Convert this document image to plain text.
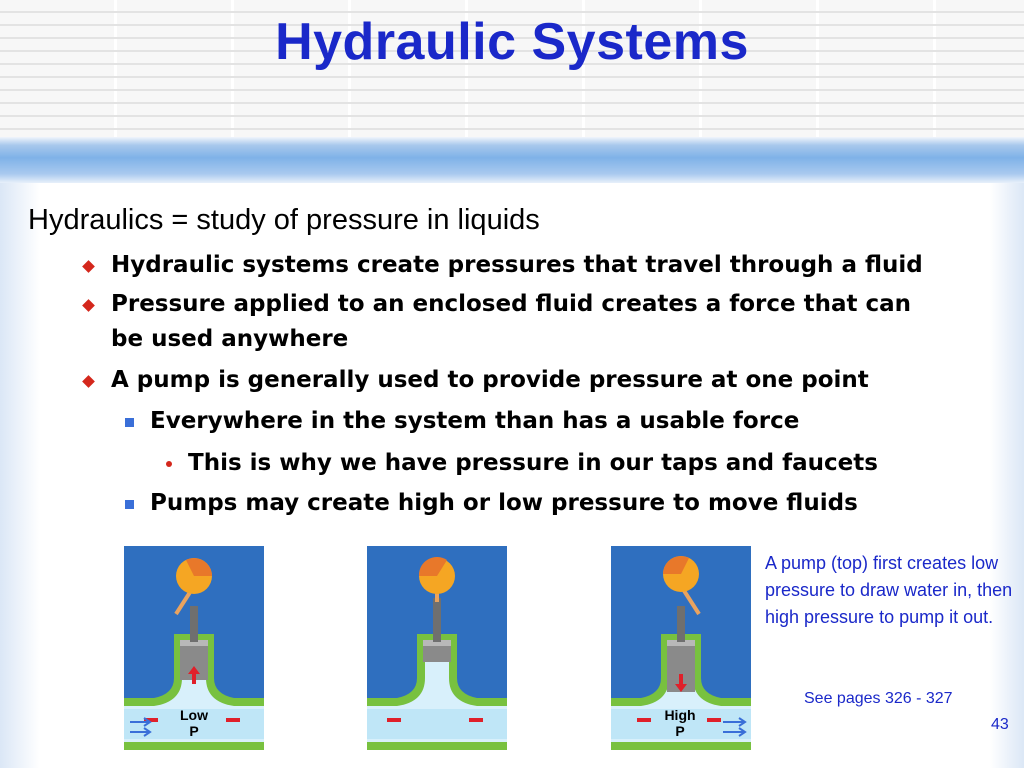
Hydraulic Systems
Hydraulics = study of pressure in liquids
Hydraulic systems create pressures that travel through a fluid
Pressure applied to an enclosed fluid creates a force that can
be used anywhere
A pump is generally used to provide pressure at one point
Everywhere in the system than has a usable force
This is why we have pressure in our taps and faucets
Pumps may create high or low pressure to move fluids
Low
P
High
P
A pump (top) first creates low pressure to draw water in, then high pressure to pump it out.
See pages 326 - 327
43
